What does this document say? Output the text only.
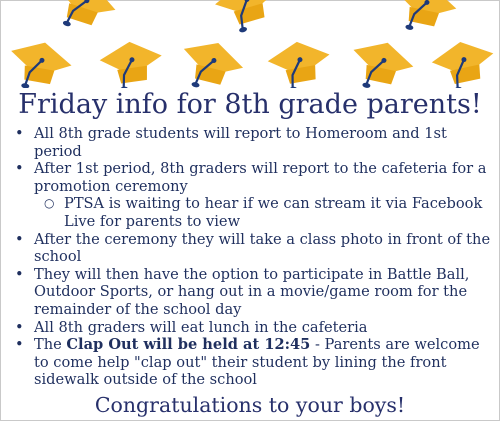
Friday info for 8th grade parents!
• All 8th grade students will report to Homeroom and 1st period
• After 1st period, 8th graders will report to the cafeteria for a promotion ceremony
○ PTSA is waiting to hear if we can stream it via Facebook Live for parents to view
• After the ceremony they will take a class photo in front of the school
• They will then have the option to participate in Battle Ball, Outdoor Sports, or hang out in a movie/game room for the remainder of the school day
• All 8th graders will eat lunch in the cafeteria
• The Clap Out will be held at 12:45 - Parents are welcome to come help "clap out" their student by lining the front sidewalk outside of the school
Congratulations to your boys!
